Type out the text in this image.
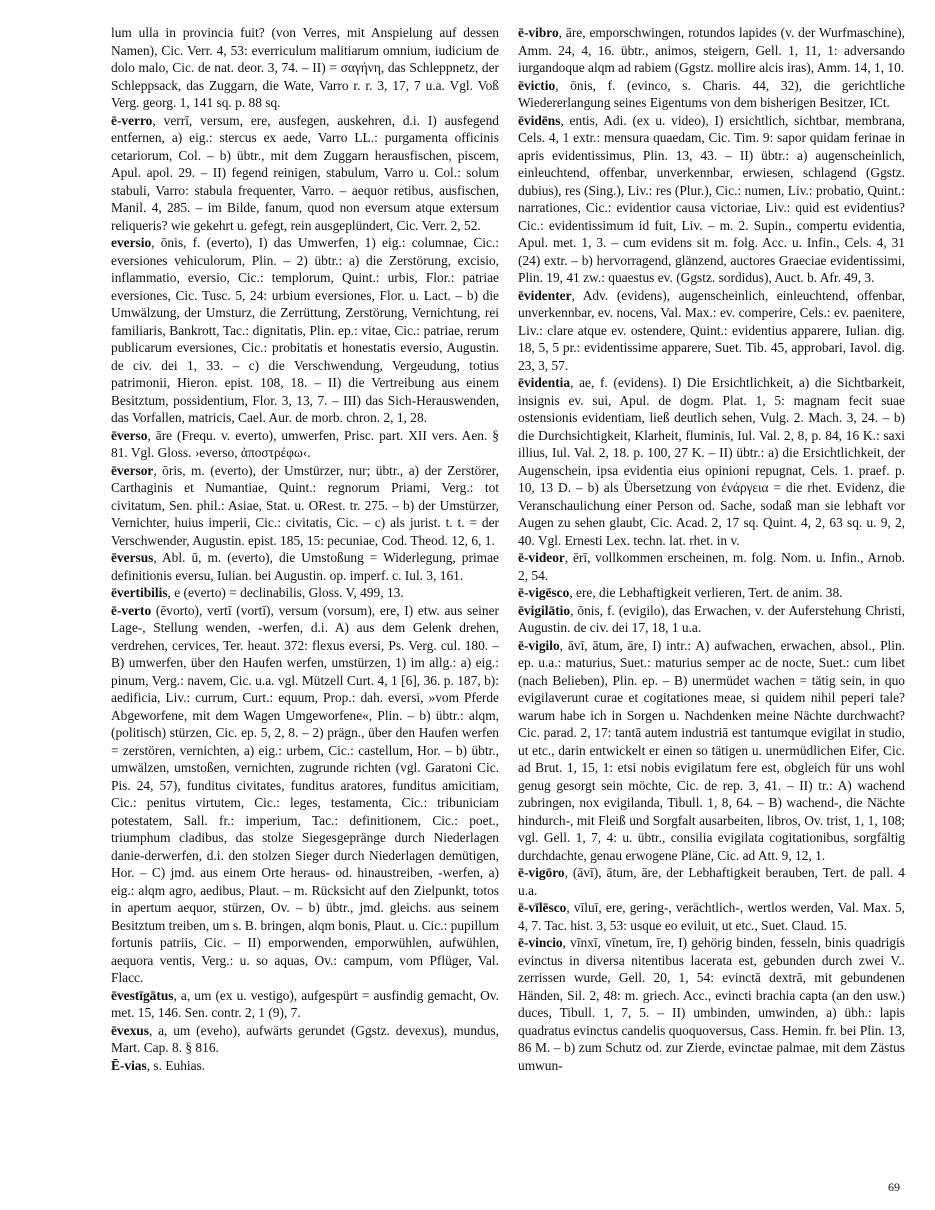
lum ulla in provincia fuit? (von Verres, mit Anspielung auf dessen Namen), Cic. Verr. 4, 53: everriculum malitiarum omnium, iudicium de dolo malo, Cic. de nat. deor. 3, 74. – II) = σαγήνη, das Schleppnetz, der Schleppsack, das Zuggarn, die Wate, Varro r. r. 3, 17, 7 u.a. Vgl. Voß Verg. georg. 1, 141 sq. p. 88 sq.

ē-verro, verrī, versum, ere, ausfegen, auskehren, d.i. I) ausfegend entfernen, a) eig.: stercus ex aede, Varro LL.: purgamenta officinis cetariorum, Col. – b) übtr., mit dem Zuggarn herausfischen, piscem, Apul. apol. 29. – II) fegend reinigen, stabulum, Varro u. Col.: solum stabuli, Varro: stabula frequenter, Varro. – aequor retibus, ausfischen, Manil. 4, 285. – im Bilde, fanum, quod non eversum atque extersum reliqueris? wie gekehrt u. gefegt, rein ausgeplündert, Cic. Verr. 2, 52.

eversio, ōnis, f. (everto), I) das Umwerfen, 1) eig.: columnae, Cic.: eversiones vehiculorum, Plin. – 2) übtr.: a) die Zerstörung, excisio, inflammatio, eversio, Cic.: templorum, Quint.: urbis, Flor.: patriae eversiones, Cic. Tusc. 5, 24: urbium eversiones, Flor. u. Lact. – b) die Umwälzung, der Umsturz, die Zerrüttung, Zerstörung, Vernichtung, rei familiaris, Bankrott, Tac.: dignitatis, Plin. ep.: vitae, Cic.: patriae, rerum publicarum eversiones, Cic.: probitatis et honestatis eversio, Augustin. de civ. dei 1, 33. – c) die Verschwendung, Vergeudung, totius patrimonii, Hieron. epist. 108, 18. – II) die Vertreibung aus einem Besitztum, possidentium, Flor. 3, 13, 7. – III) das Sich-Herauswenden, das Vorfallen, matricis, Cael. Aur. de morb. chron. 2, 1, 28.

ēverso, āre (Frequ. v. everto), umwerfen, Prisc. part. XII vers. Aen. § 81. Vgl. Gloss. ›everso, ἀποστρέφω‹.

ēversor, ōris, m. (everto), der Umstürzer, nur; übtr., a) der Zerstörer, Carthaginis et Numantiae, Quint.: regnorum Priami, Verg.: tot civitatum, Sen. phil.: Asiae, Stat. u. ORest. tr. 275. – b) der Umstürzer, Vernichter, huius imperii, Cic.: civitatis, Cic. – c) als jurist. t. t. = der Verschwender, Augustin. epist. 185, 15: pecuniae, Cod. Theod. 12, 6, 1.

ēversus, Abl. ū, m. (everto), die Umstoßung = Widerlegung, primae definitionis eversu, Iulian. bei Augustin. op. imperf. c. Iul. 3, 161.

ēvertibilis, e (everto) = declinabilis, Gloss. V, 499, 13.

ē-verto (ēvorto), vertī (vortī), versum (vorsum), ere, I) etw. aus seiner Lage-, Stellung wenden, -werfen, d.i. A) aus dem Gelenk drehen, verdrehen, cervices, Ter. heaut. 372: flexus eversi, Ps. Verg. cul. 180. – B) umwerfen, über den Haufen werfen, umstürzen, 1) im allg.: a) eig.: pinum, Verg.: navem, Cic. u.a. vgl. Mützell Curt. 4, 1 [6], 36. p. 187, b): aedificia, Liv.: currum, Curt.: equum, Prop.: dah. eversi, »vom Pferde Abgeworfene, mit dem Wagen Umgeworfene«, Plin. – b) übtr.: alqm, (politisch) stürzen, Cic. ep. 5, 2, 8. – 2) prägn., über den Haufen werfen = zerstören, vernichten, a) eig.: urbem, Cic.: castellum, Hor. – b) übtr., umwälzen, umstoßen, vernichten, zugrunde richten (vgl. Garatoni Cic. Pis. 24, 57), funditus civitates, funditus aratores, funditus amicitiam, Cic.: penitus virtutem, Cic.: leges, testamenta, Cic.: tribuniciam potestatem, Sall. fr.: imperium, Tac.: definitionem, Cic.: poet., triumphum cladibus, das stolze Siegesgepränge durch Niederlagen danie-derwerfen, d.i. den stolzen Sieger durch Niederlagen demütigen, Hor. – C) jmd. aus einem Orte heraus- od. hinaustreiben, -werfen, a) eig.: alqm agro, aedibus, Plaut. – m. Rücksicht auf den Zielpunkt, totos in apertum aequor, stürzen, Ov. – b) übtr., jmd. gleichs. aus seinem Besitztum treiben, um s. B. bringen, alqm bonis, Plaut. u. Cic.: pupillum fortunis patriis, Cic. – II) emporwenden, emporwühlen, aufwühlen, aequora ventis, Verg.: u. so aquas, Ov.: campum, vom Pflüger, Val. Flacc.

ēvestīgātus, a, um (ex u. vestigo), aufgespürt = ausfindig gemacht, Ov. met. 15, 146. Sen. contr. 2, 1 (9), 7.

ēvexus, a, um (eveho), aufwärts gerundet (Ggstz. devexus), mundus, Mart. Cap. 8. § 816.

Ē-vias, s. Euhias.

ē-vibro, āre, emporschwingen, rotundos lapides (v. der Wurfmaschine), Amm. 24, 4, 16. übtr., animos, steigern, Gell. 1, 11, 1: adversando iurgandoque alqm ad rabiem (Ggstz. mollire alcis iras), Amm. 14, 1, 10.

ēvictio, ōnis, f. (evinco, s. Charis. 44, 32), die gerichtliche Wiedererlangung seines Eigentums von dem bisherigen Besitzer, ICt.

ēvidēns, entis, Adi. (ex u. video), I) ersichtlich, sichtbar, membrana, Cels. 4, 1 extr.: mensura quaedam, Cic. Tim. 9: sapor quidam ferinae in apris evidentissimus, Plin. 13, 43. – II) übtr.: a) augenscheinlich, einleuchtend, offenbar, unverkennbar, erwiesen, schlagend (Ggstz. dubius), res (Sing.), Liv.: res (Plur.), Cic.: numen, Liv.: probatio, Quint.: narrationes, Cic.: evidentior causa victoriae, Liv.: quid est evidentius? Cic.: evidentissimum id fuit, Liv. – m. 2. Supin., compertu evidentia, Apul. met. 1, 3. – cum evidens sit m. folg. Acc. u. Infin., Cels. 4, 31 (24) extr. – b) hervorragend, glänzend, auctores Graeciae evidentissimi, Plin. 19, 41 zw.: quaestus ev. (Ggstz. sordidus), Auct. b. Afr. 49, 3.

ēvidenter, Adv. (evidens), augenscheinlich, einleuchtend, offenbar, unverkennbar, ev. nocens, Val. Max.: ev. comperire, Cels.: ev. paenitere, Liv.: clare atque ev. ostendere, Quint.: evidentius apparere, Iulian. dig. 18, 5, 5 pr.: evidentissime apparere, Suet. Tib. 45, approbari, Iavol. dig. 23, 3, 57.

ēvidentia, ae, f. (evidens). I) Die Ersichtlichkeit, a) die Sichtbarkeit, insignis ev. sui, Apul. de dogm. Plat. 1, 5: magnam fecit suae ostensionis evidentiam, ließ deutlich sehen, Vulg. 2. Mach. 3, 24. – b) die Durchsichtigkeit, Klarheit, fluminis, Iul. Val. 2, 8, p. 84, 16 K.: saxi illius, Iul. Val. 2, 18. p. 100, 27 K. – II) übtr.: a) die Ersichtlichkeit, der Augenschein, ipsa evidentia eius opinioni repugnat, Cels. 1. praef. p. 10, 13 D. – b) als Übersetzung von ἐνάργεια = die rhet. Evidenz, die Veranschaulichung einer Person od. Sache, sodaß man sie lebhaft vor Augen zu sehen glaubt, Cic. Acad. 2, 17 sq. Quint. 4, 2, 63 sq. u. 9, 2, 40. Vgl. Ernesti Lex. techn. lat. rhet. in v.

ē-videor, ērī, vollkommen erscheinen, m. folg. Nom. u. Infin., Arnob. 2, 54.

ē-vigēsco, ere, die Lebhaftigkeit verlieren, Tert. de anim. 38.

ēvigilātio, ōnis, f. (evigilo), das Erwachen, v. der Auferstehung Christi, Augustin. de civ. dei 17, 18, 1 u.a.

ē-vigilo, āvī, ātum, āre, I) intr.: A) aufwachen, erwachen, absol., Plin. ep. u.a.: maturius, Suet.: maturius semper ac de nocte, Suet.: cum libet (nach Belieben), Plin. ep. – B) unermüdet wachen = tätig sein, in quo evigilaverunt curae et cogitationes meae, si quidem nihil peperi tale? warum habe ich in Sorgen u. Nachdenken meine Nächte durchwacht? Cic. parad. 2, 17: tantā autem industriā est tantumque evigilat in studio, ut etc., darin entwickelt er einen so tätigen u. unermüdlichen Eifer, Cic. ad Brut. 1, 15, 1: etsi nobis evigilatum fere est, obgleich für uns wohl genug gesorgt sein möchte, Cic. de rep. 3, 41. – II) tr.: A) wachend zubringen, nox evigilanda, Tibull. 1, 8, 64. – B) wachend-, die Nächte hindurch-, mit Fleiß und Sorgfalt ausarbeiten, libros, Ov. trist, 1, 1, 108; vgl. Gell. 1, 7, 4: u. übtr., consilia evigilata cogitationibus, sorgfältig durchdachte, genau erwogene Pläne, Cic. ad Att. 9, 12, 1.

ē-vigōro, (āvī), ātum, āre, der Lebhaftigkeit berauben, Tert. de pall. 4 u.a.

ē-vīlēsco, vīluī, ere, gering-, verächtlich-, wertlos werden, Val. Max. 5, 4, 7. Tac. hist. 3, 53: usque eo eviluit, ut etc., Suet. Claud. 15.

ē-vincio, vīnxī, vīnetum, īre, I) gehörig binden, fesseln, binis quadrigis evinctus in diversa nitentibus lacerata est, gebunden durch zwei V.. zerrissen wurde, Gell. 20, 1, 54: evinctā dextrā, mit gebundenen Händen, Sil. 2, 48: m. griech. Acc., evincti brachia capta (an den usw.) duces, Tibull. 1, 7, 5. – II) umbinden, umwinden, a) übh.: lapis quadratus evinctus candelis quoquoversus, Cass. Hemin. fr. bei Plin. 13, 86 M. – b) zum Schutz od. zur Zierde, evinctae palmae, mit dem Zästus umwun-

69
